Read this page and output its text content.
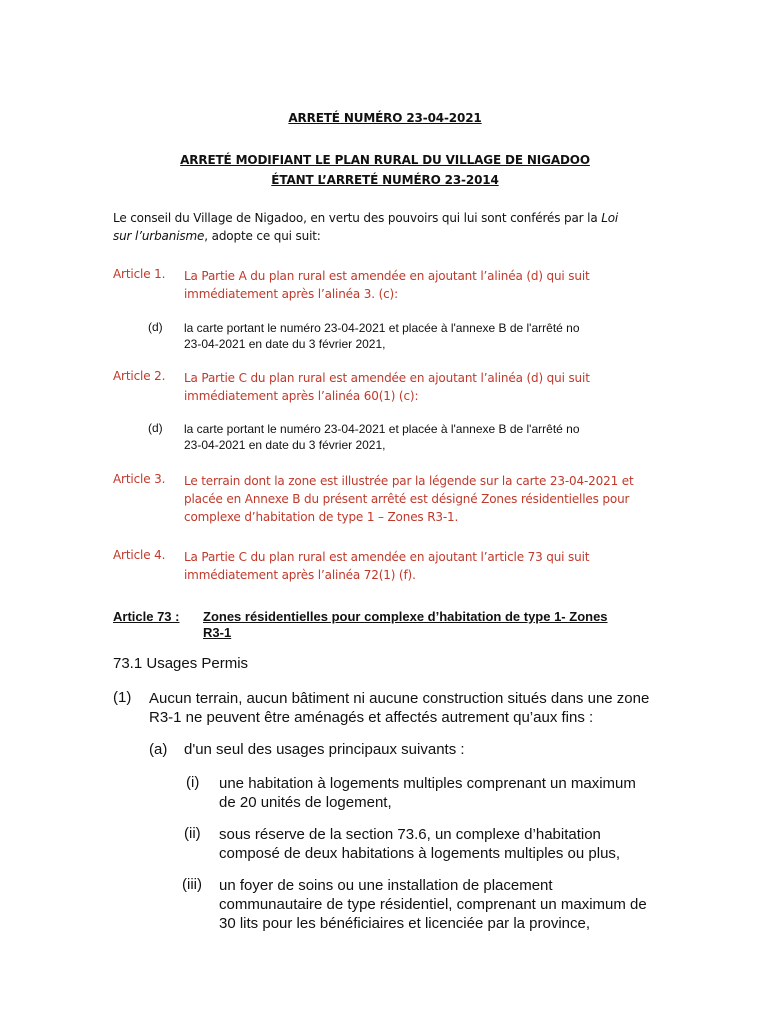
ARRETÉ NUMÉRO 23-04-2021
ARRETÉ MODIFIANT LE PLAN RURAL DU VILLAGE DE NIGADOO
ÉTANT L’ARRETÉ NUMÉRO 23-2014
Le conseil du Village de Nigadoo, en vertu des pouvoirs qui lui sont conférés par la Loi
sur l’urbanisme, adopte ce qui suit:
Article 1. La Partie A du plan rural est amendée en ajoutant l’alinéa (d) qui suit
immédiatement après l’alinéa 3. (c):
(d) la carte portant le numéro 23-04-2021 et placée à l'annexe B de l'arrêté no
23-04-2021 en date du 3 février 2021,
Article 2. La Partie C du plan rural est amendée en ajoutant l’alinéa (d) qui suit
immédiatement après l’alinéa 60(1) (c):
(d) la carte portant le numéro 23-04-2021 et placée à l'annexe B de l'arrêté no
23-04-2021 en date du 3 février 2021,
Article 3. Le terrain dont la zone est illustrée par la légende sur la carte 23-04-2021 et
placée en Annexe B du présent arrêté est désigné Zones résidentielles pour
complexe d’habitation de type 1 – Zones R3-1.
Article 4. La Partie C du plan rural est amendée en ajoutant l’article 73 qui suit
immédiatement après l’alinéa 72(1) (f).
Article 73 : Zones résidentielles pour complexe d’habitation de type 1- Zones
R3-1
73.1 Usages Permis
(1) Aucun terrain, aucun bâtiment ni aucune construction situés dans une zone
R3-1 ne peuvent être aménagés et affectés autrement qu’aux fins :
(a) d'un seul des usages principaux suivants :
(i) une habitation à logements multiples comprenant un maximum
de 20 unités de logement,
(ii) sous réserve de la section 73.6, un complexe d’habitation
composé de deux habitations à logements multiples ou plus,
(iii) un foyer de soins ou une installation de placement
communautaire de type résidentiel, comprenant un maximum de
30 lits pour les bénéficiaires et licenciée par la province,
